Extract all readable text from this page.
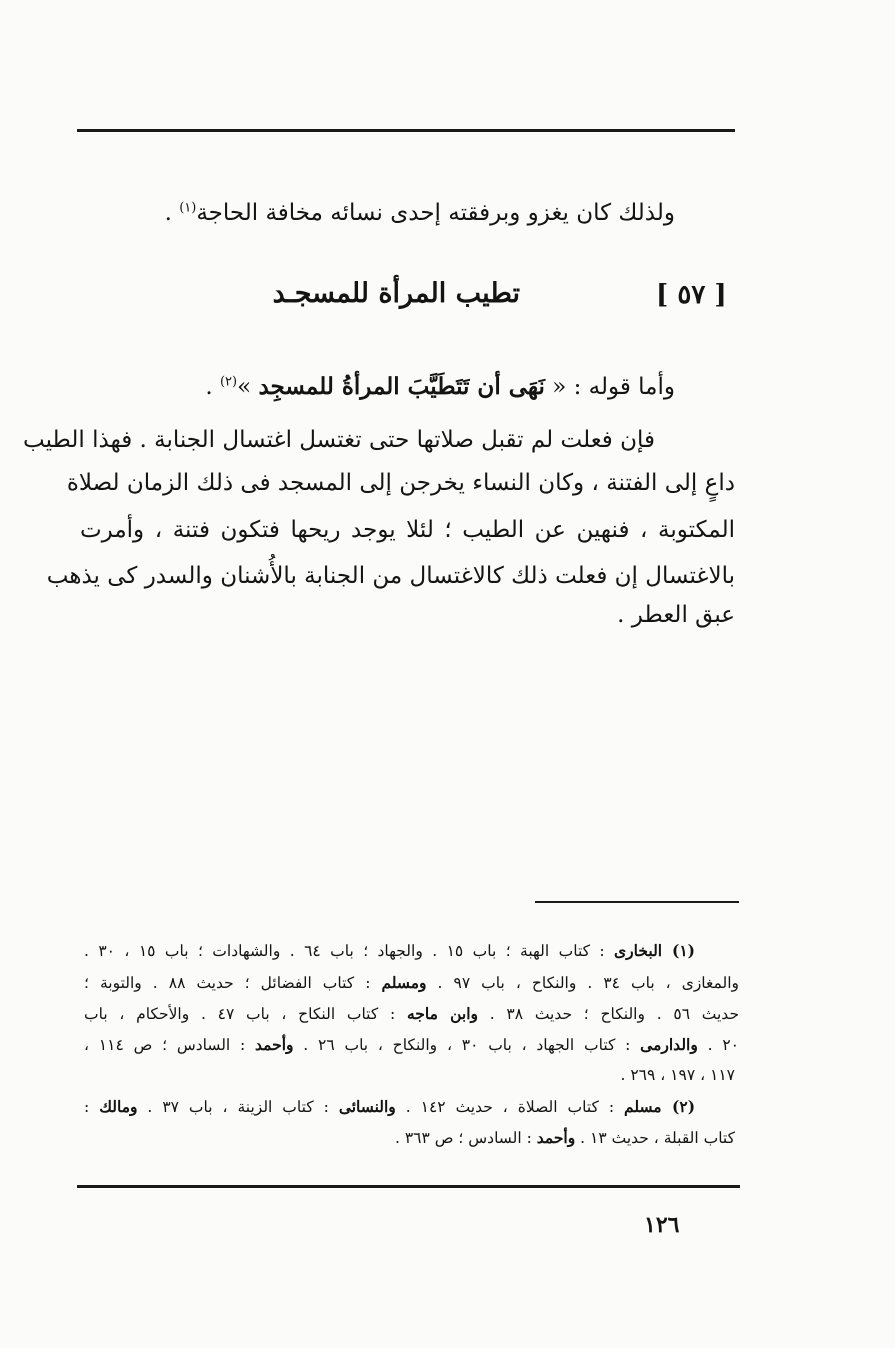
ولذلك كان يغزو وبرفقته إحدى نسائه مخافة الحاجة$^{(١)}$ .
[ ٥٧ ]
تطيب المرأة للمسجـد
وأما قوله : « نَهَى أن تَتَطَيَّبَ المرأةُ للمسجِد »$^{(٢)}$ .
فإن فعلت لم تقبل صلاتها حتى تغتسل اغتسال الجنابة . فهذا الطيب
داعٍ إلى الفتنة ، وكان النساء يخرجن إلى المسجد فى ذلك الزمان لصلاة
المكتوبة ، فنهين عن الطيب ؛ لئلا يوجد ريحها فتكون فتنة ، وأمرت
بالاغتسال إن فعلت ذلك كالاغتسال من الجنابة بالأُشنان والسدر كى يذهب
عبق العطر .
(١) البخارى : كتاب الهبة ؛ باب ١٥ . والجهاد ؛ باب ٦٤ . والشهادات ؛ باب ١٥ ، ٣٠ .
والمغازى ، باب ٣٤ . والنكاح ، باب ٩٧ . ومسلم : كتاب الفضائل ؛ حديث ٨٨ . والتوبة ؛
حديث ٥٦ . والنكاح ؛ حديث ٣٨ . وابن ماجه : كتاب النكاح ، باب ٤٧ . والأحكام ، باب
٢٠ . والدارمى : كتاب الجهاد ، باب ٣٠ ، والنكاح ، باب ٢٦ . وأحمد : السادس ؛ ص ١١٤ ،
١١٧ ، ١٩٧ ، ٢٦٩ .
(٢) مسلم : كتاب الصلاة ، حديث ١٤٢ . والنسائى : كتاب الزينة ، باب ٣٧ . ومالك :
كتاب القبلة ، حديث ١٣ . وأحمد : السادس ؛ ص ٣٦٣ .
١٢٦
